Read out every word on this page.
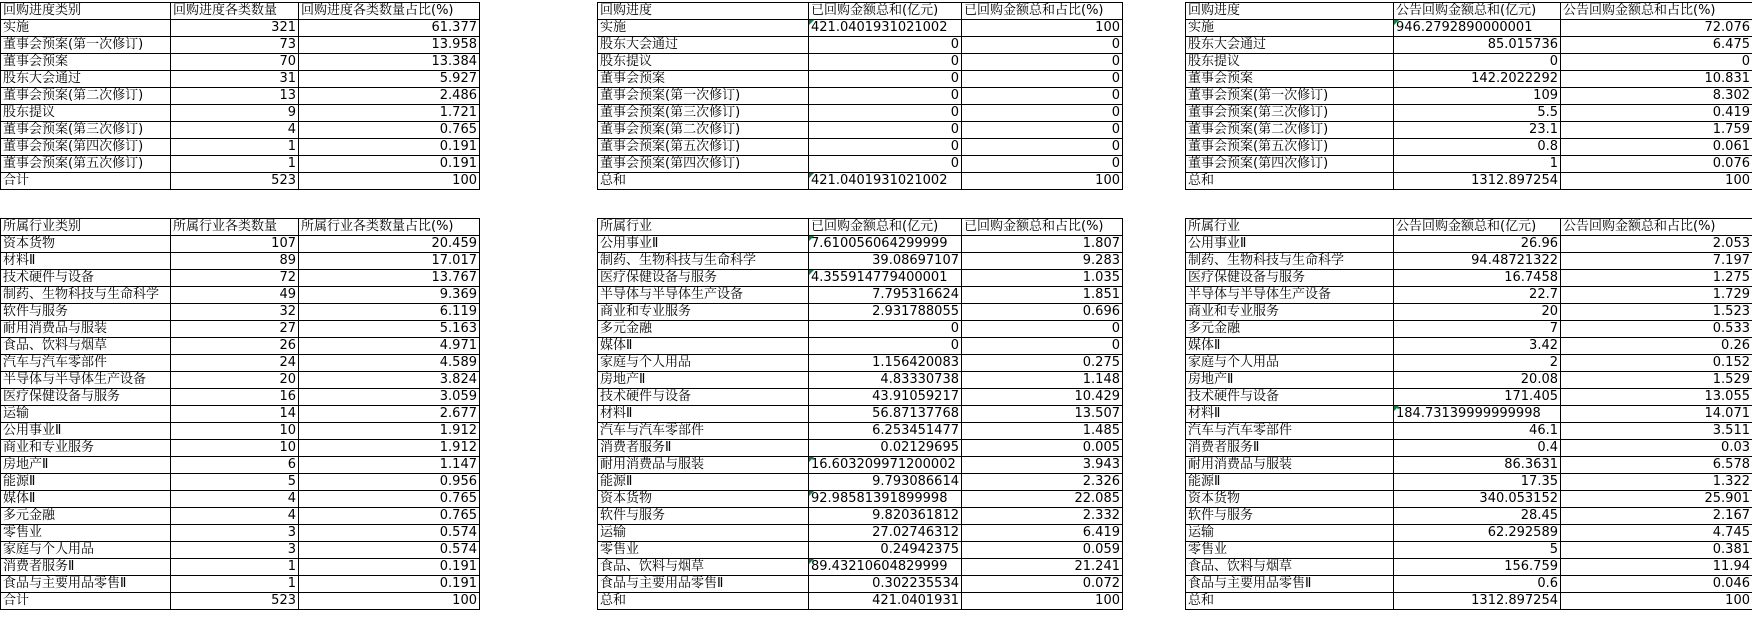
回购进度类别	回购进度各类数量	回购进度各类数量占比(%)
实施	321	61.377
董事会预案(第一次修订)	73	13.958
董事会预案	70	13.384
股东大会通过	31	5.927
董事会预案(第二次修订)	13	2.486
股东提议	9	1.721
董事会预案(第三次修订)	4	0.765
董事会预案(第四次修订)	1	0.191
董事会预案(第五次修订)	1	0.191
合计	523	100
回购进度	已回购金额总和(亿元)	已回购金额总和占比(%)
实施	421.0401931021002	100
股东大会通过	0	0
股东提议	0	0
董事会预案	0	0
董事会预案(第一次修订)	0	0
董事会预案(第三次修订)	0	0
董事会预案(第二次修订)	0	0
董事会预案(第五次修订)	0	0
董事会预案(第四次修订)	0	0
总和	421.0401931021002	100
回购进度	公告回购金额总和(亿元)	公告回购金额总和占比(%)
实施	946.2792890000001	72.076
股东大会通过	85.015736	6.475
股东提议	0	0
董事会预案	142.2022292	10.831
董事会预案(第一次修订)	109	8.302
董事会预案(第三次修订)	5.5	0.419
董事会预案(第二次修订)	23.1	1.759
董事会预案(第五次修订)	0.8	0.061
董事会预案(第四次修订)	1	0.076
总和	1312.897254	100
所属行业类别	所属行业各类数量	所属行业各类数量占比(%)
资本货物	107	20.459
材料Ⅱ	89	17.017
技术硬件与设备	72	13.767
制药、生物科技与生命科学	49	9.369
软件与服务	32	6.119
耐用消费品与服装	27	5.163
食品、饮料与烟草	26	4.971
汽车与汽车零部件	24	4.589
半导体与半导体生产设备	20	3.824
医疗保健设备与服务	16	3.059
运输	14	2.677
公用事业Ⅱ	10	1.912
商业和专业服务	10	1.912
房地产Ⅱ	6	1.147
能源Ⅱ	5	0.956
媒体Ⅱ	4	0.765
多元金融	4	0.765
零售业	3	0.574
家庭与个人用品	3	0.574
消费者服务Ⅱ	1	0.191
食品与主要用品零售Ⅱ	1	0.191
合计	523	100
所属行业	已回购金额总和(亿元)	已回购金额总和占比(%)
公用事业Ⅱ	7.610056064299999	1.807
制药、生物科技与生命科学	39.08697107	9.283
医疗保健设备与服务	4.355914779400001	1.035
半导体与半导体生产设备	7.795316624	1.851
商业和专业服务	2.931788055	0.696
多元金融	0	0
媒体Ⅱ	0	0
家庭与个人用品	1.156420083	0.275
房地产Ⅱ	4.83330738	1.148
技术硬件与设备	43.91059217	10.429
材料Ⅱ	56.87137768	13.507
汽车与汽车零部件	6.253451477	1.485
消费者服务Ⅱ	0.02129695	0.005
耐用消费品与服装	16.603209971200002	3.943
能源Ⅱ	9.793086614	2.326
资本货物	92.98581391899998	22.085
软件与服务	9.820361812	2.332
运输	27.02746312	6.419
零售业	0.24942375	0.059
食品、饮料与烟草	89.43210604829999	21.241
食品与主要用品零售Ⅱ	0.302235534	0.072
总和	421.0401931	100
所属行业	公告回购金额总和(亿元)	公告回购金额总和占比(%)
公用事业Ⅱ	26.96	2.053
制药、生物科技与生命科学	94.48721322	7.197
医疗保健设备与服务	16.7458	1.275
半导体与半导体生产设备	22.7	1.729
商业和专业服务	20	1.523
多元金融	7	0.533
媒体Ⅱ	3.42	0.26
家庭与个人用品	2	0.152
房地产Ⅱ	20.08	1.529
技术硬件与设备	171.405	13.055
材料Ⅱ	184.73139999999998	14.071
汽车与汽车零部件	46.1	3.511
消费者服务Ⅱ	0.4	0.03
耐用消费品与服装	86.3631	6.578
能源Ⅱ	17.35	1.322
资本货物	340.053152	25.901
软件与服务	28.45	2.167
运输	62.292589	4.745
零售业	5	0.381
食品、饮料与烟草	156.759	11.94
食品与主要用品零售Ⅱ	0.6	0.046
总和	1312.897254	100
